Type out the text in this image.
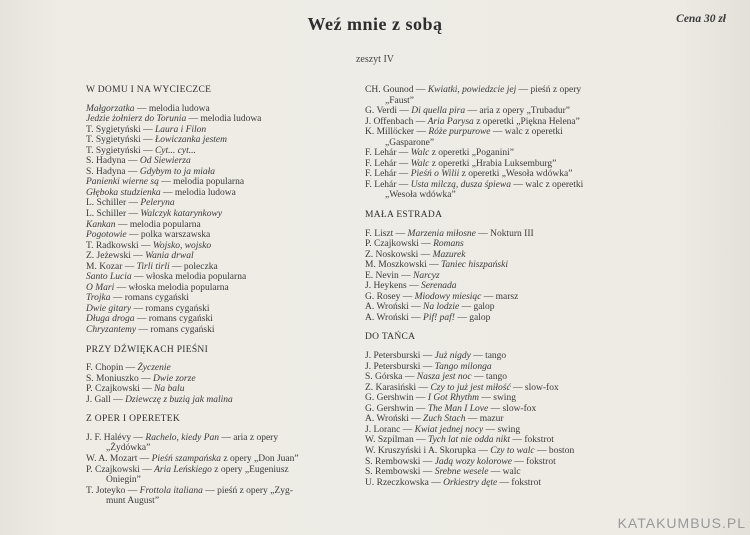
Weź mnie z sobą	Cena 30 zł
zeszyt IV
W DOMU I NA WYCIECZCE
Małgorzatka — melodia ludowa
Jedzie żołnierz do Torunia — melodia ludowa
T. Sygietyński — Laura i Filon
T. Sygietyński — Łowiczanka jestem
T. Sygietyński — Cyt... cyt...
S. Hadyna — Od Siewierza
S. Hadyna — Gdybym to ja miała
Panienki wierne są — melodia popularna
Głęboka studzienka — melodia ludowa
L. Schiller — Peleryna
L. Schiller — Walczyk katarynkowy
Kankan — melodia popularna
Pogotowie — polka warszawska
T. Radkowski — Wojsko, wojsko
Z. Jeżewski — Wania drwal
M. Kozar — Tirli tirli — poleczka
Santo Lucia — włoska melodia popularna
O Mari — włoska melodia popularna
Trojka — romans cygański
Dwie gitary — romans cygański
Długa droga — romans cygański
Chryzantemy — romans cygański
PRZY DŹWIĘKACH PIEŚNI
F. Chopin — Życzenie
S. Moniuszko — Dwie zorze
P. Czajkowski — Na balu
J. Gall — Dziewczę z buzią jak malina
Z OPER I OPERETEK
J. F. Halévy — Rachelo, kiedy Pan — aria z opery
„Żydówka”
W. A. Mozart — Pieśń szampańska z opery „Don Juan”
P. Czajkowski — Aria Leńskiego z opery „Eugeniusz
Oniegin”
T. Joteyko — Frottola italiana — pieśń z opery „Zyg-
munt August”
CH. Gounod — Kwiatki, powiedzcie jej — pieśń z opery
„Faust”
G. Verdi — Di quella pira — aria z opery „Trubadur”
J. Offenbach — Aria Parysa z operetki „Piękna Helena”
K. Millöcker — Róże purpurowe — walc z operetki
„Gasparone”
F. Lehár — Walc z operetki „Poganini”
F. Lehár — Walc z operetki „Hrabia Luksemburg”
F. Lehár — Pieśń o Wilii z operetki „Wesoła wdówka”
F. Lehár — Usta milczą, dusza śpiewa — walc z operetki
„Wesoła wdówka”
MAŁA ESTRADA
F. Liszt — Marzenia miłosne — Nokturn III
P. Czajkowski — Romans
Z. Noskowski — Mazurek
M. Moszkowski — Taniec hiszpański
E. Nevin — Narcyz
J. Heykens — Serenada
G. Rosey — Miodowy miesiąc — marsz
A. Wroński — Na lodzie — galop
A. Wroński — Pif! paf! — galop
DO TAŃCA
J. Petersburski — Już nigdy — tango
J. Petersburski — Tango milonga
S. Górska — Nasza jest noc — tango
Z. Karasiński — Czy to już jest miłość — slow-fox
G. Gershwin — I Got Rhythm — swing
G. Gershwin — The Man I Love — slow-fox
A. Wroński — Zuch Stach — mazur
J. Loranc — Kwiat jednej nocy — swing
W. Szpilman — Tych lat nie odda nikt — fokstrot
W. Kruszyński i A. Skorupka — Czy to walc — boston
S. Rembowski — Jadą wozy kolorowe — fokstrot
S. Rembowski — Srebne wesele — walc
U. Rzeczkowska — Orkiestry dęte — fokstrot
KATAKUMBUS.PL
